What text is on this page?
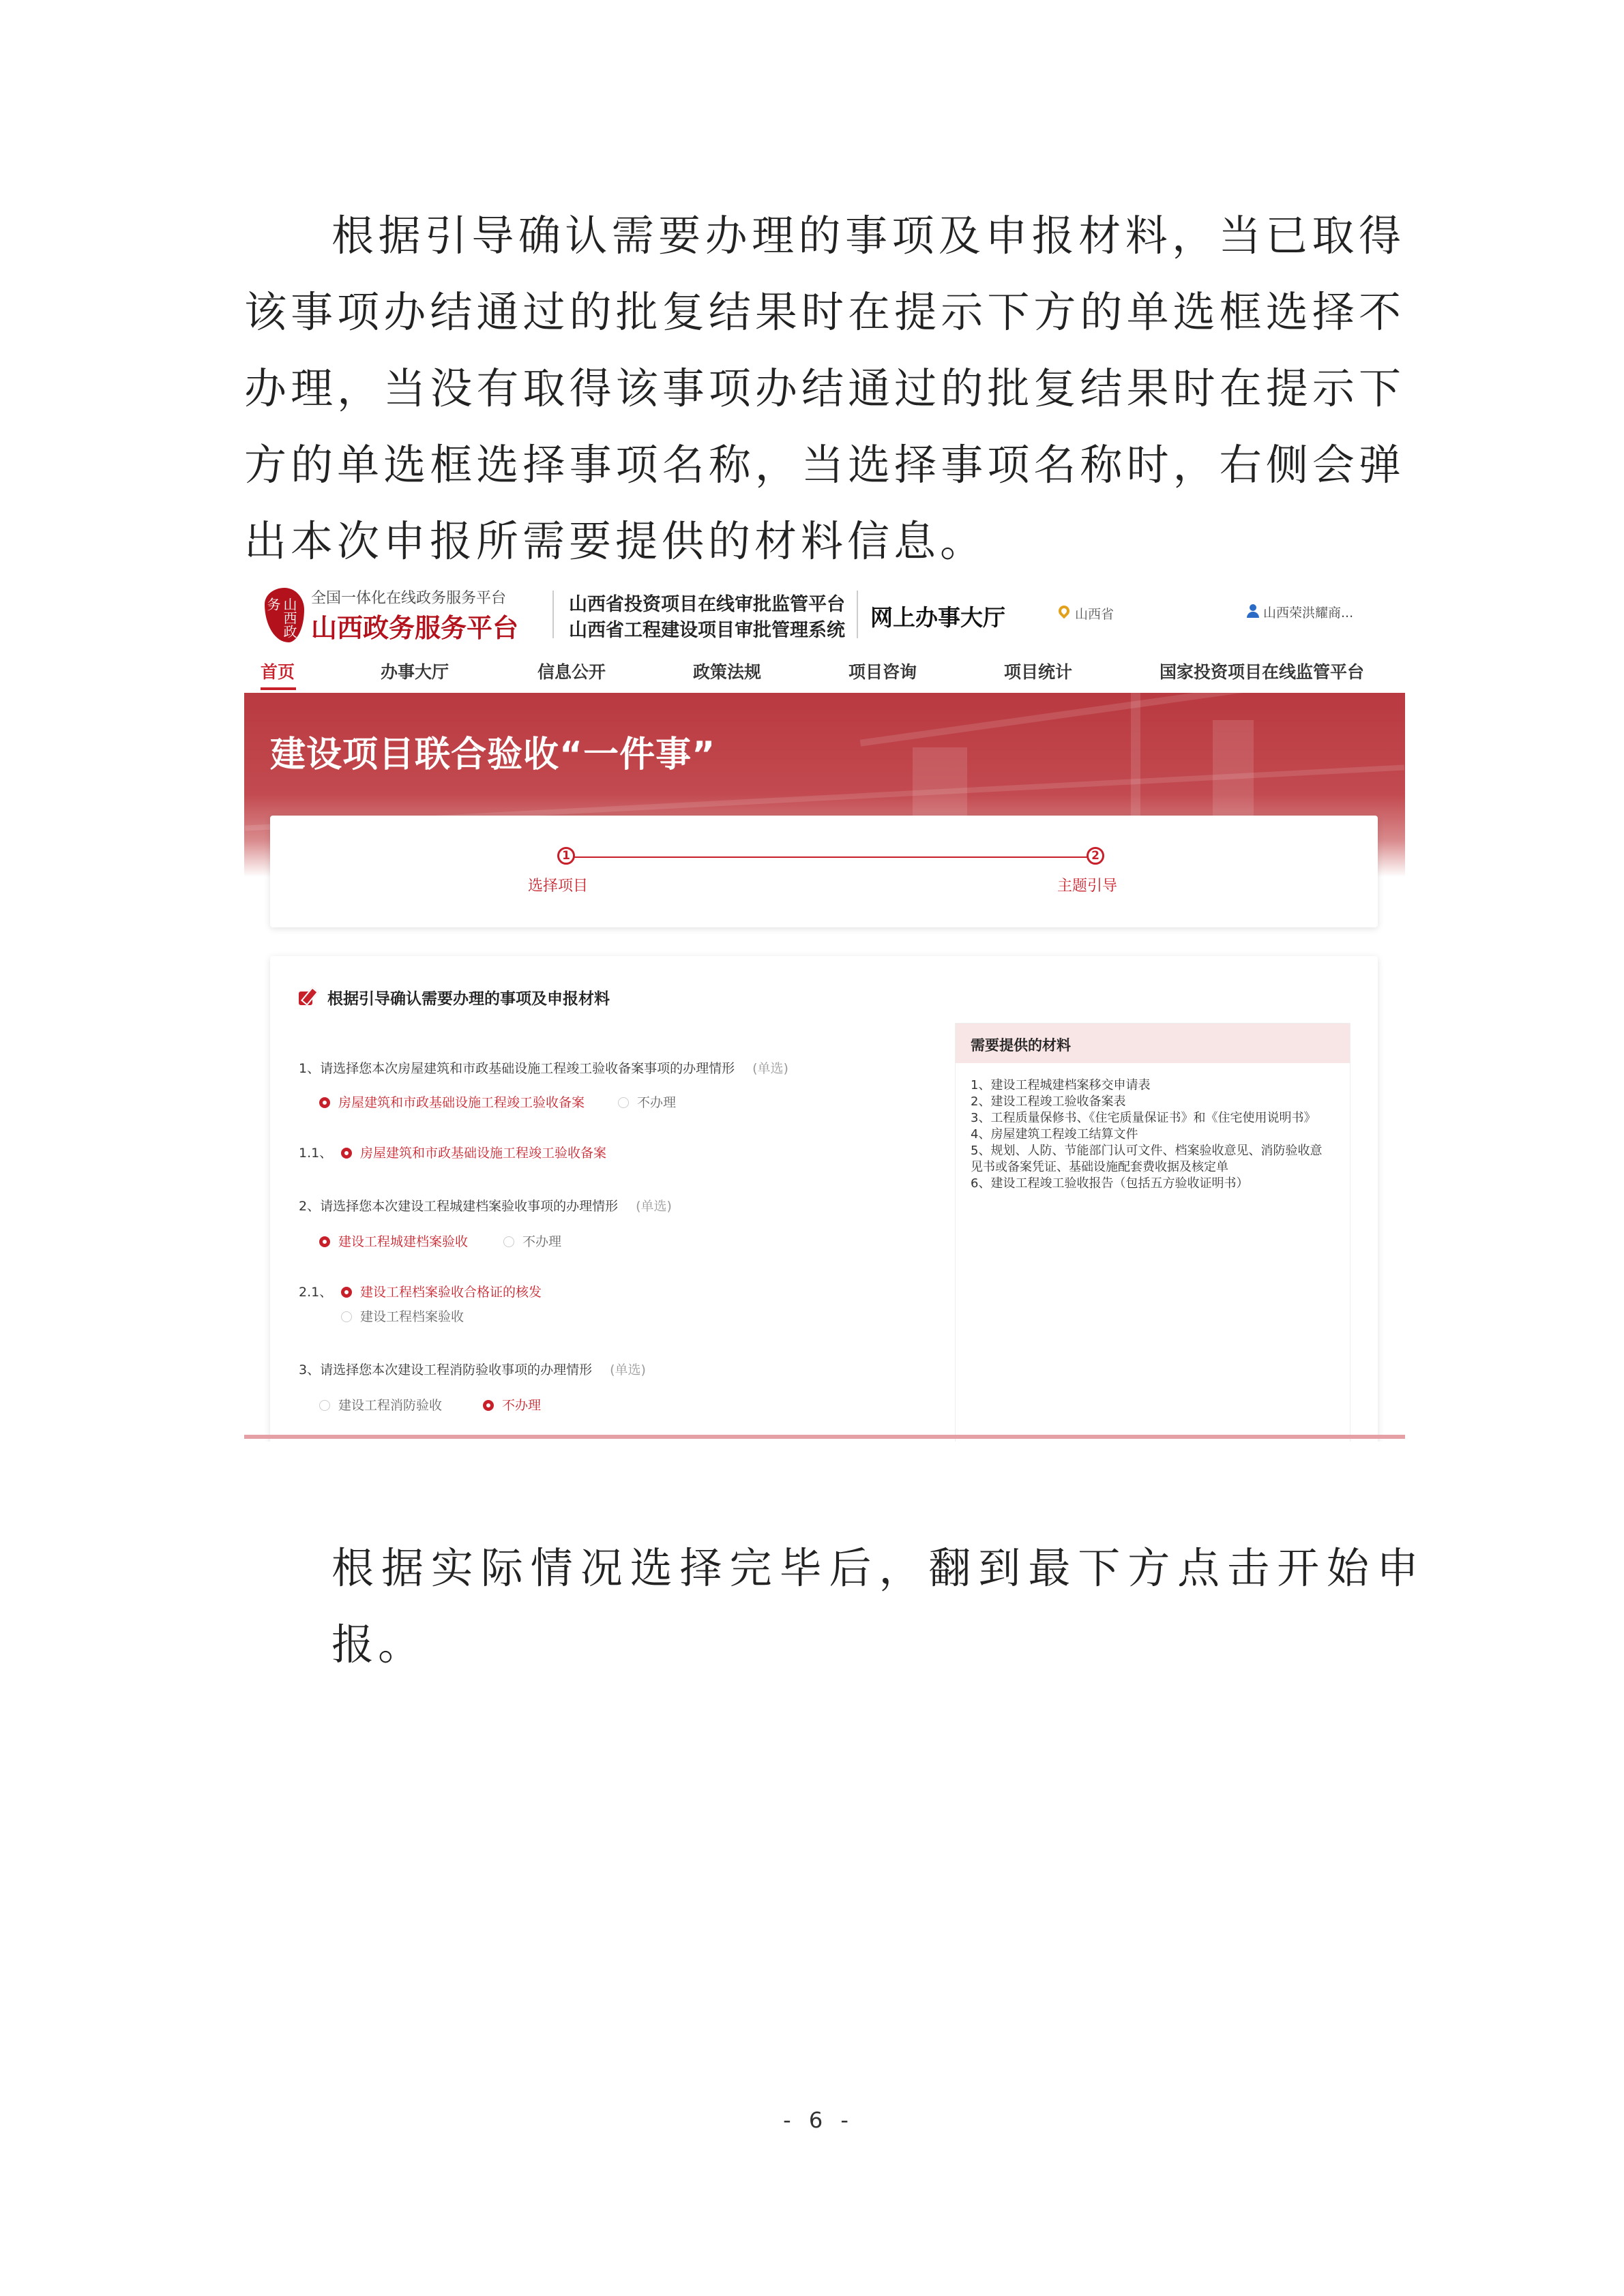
根据引导确认需要办理的事项及申报材料，当已取得该事项办结通过的批复结果时在提示下方的单选框选择不办理，当没有取得该事项办结通过的批复结果时在提示下方的单选框选择事项名称，当选择事项名称时，右侧会弹出本次申报所需要提供的材料信息。

山西政务	全国一体化在线政务服务平台
山西政务服务平台
山西省投资项目在线审批监管平台
山西省工程建设项目审批管理系统 网上办事大厅	山西省	山西荣洪耀商...
首页	办事大厅	信息公开	政策法规	项目咨询	项目统计	国家投资项目在线监管平台
建设项目联合验收“一件事”
1
选择项目
2
主题引导
根据引导确认需要办理的事项及申报材料
1、请选择您本次房屋建筑和市政基础设施工程竣工验收备案事项的办理情形 (单选)
房屋建筑和市政基础设施工程竣工验收备案	不办理
1.1、	房屋建筑和市政基础设施工程竣工验收备案
2、请选择您本次建设工程城建档案验收事项的办理情形 (单选)
建设工程城建档案验收	不办理
2.1、	建设工程档案验收合格证的核发
建设工程档案验收
3、请选择您本次建设工程消防验收事项的办理情形 (单选)
建设工程消防验收	不办理
需要提供的材料
1、建设工程城建档案移交申请表
2、建设工程竣工验收备案表
3、工程质量保修书、《住宅质量保证书》和《住宅使用说明书》
4、房屋建筑工程竣工结算文件
5、规划、人防、节能部门认可文件、档案验收意见、消防验收意
见书或备案凭证、基础设施配套费收据及核定单
6、建设工程竣工验收报告（包括五方验收证明书）

根据实际情况选择完毕后，翻到最下方点击开始申报。

- 6 -
